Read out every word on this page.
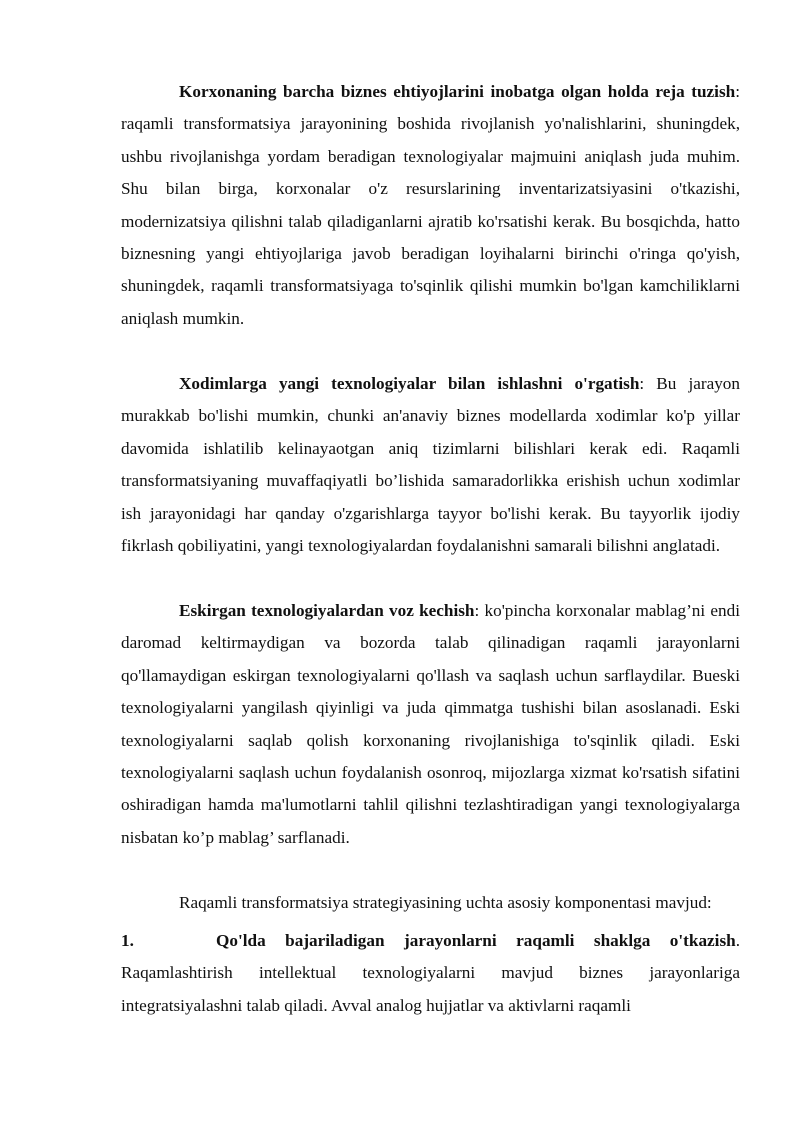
Korxonaning barcha biznes ehtiyojlarini inobatga olgan holda reja tuzish: raqamli transformatsiya jarayonining boshida rivojlanish yo'nalishlarini, shuningdek, ushbu rivojlanishga yordam beradigan texnologiyalar majmuini aniqlash juda muhim. Shu bilan birga, korxonalar o'z resurslarining inventarizatsiyasini o'tkazishi, modernizatsiya qilishni talab qiladiganlarni ajratib ko'rsatishi kerak. Bu bosqichda, hatto biznesning yangi ehtiyojlariga javob beradigan loyihalarni birinchi o'ringa qo'yish, shuningdek, raqamli transformatsiyaga to'sqinlik qilishi mumkin bo'lgan kamchiliklarni aniqlash mumkin.

Xodimlarga yangi texnologiyalar bilan ishlashni o'rgatish: Bu jarayon murakkab bo'lishi mumkin, chunki an'anaviy biznes modellarda xodimlar ko'p yillar davomida ishlatilib kelinayaotgan aniq tizimlarni bilishlari kerak edi. Raqamli transformatsiyaning muvaffaqiyatli bo’lishida samaradorlikka erishish uchun xodimlar ish jarayonidagi har qanday o'zgarishlarga tayyor bo'lishi kerak. Bu tayyorlik ijodiy fikrlash qobiliyatini, yangi texnologiyalardan foydalanishni samarali bilishni anglatadi.

Eskirgan texnologiyalardan voz kechish: ko'pincha korxonalar mablag’ni endi daromad keltirmaydigan va bozorda talab qilinadigan raqamli jarayonlarni qo'llamaydigan eskirgan texnologiyalarni qo'llash va saqlash uchun sarflaydilar. Bueski texnologiyalarni yangilash qiyinligi va juda qimmatga tushishi bilan asoslanadi. Eski texnologiyalarni saqlab qolish korxonaning rivojlanishiga to'sqinlik qiladi. Eski texnologiyalarni saqlash uchun foydalanish osonroq, mijozlarga xizmat ko'rsatish sifatini oshiradigan hamda ma'lumotlarni tahlil qilishni tezlashtiradigan yangi texnologiyalarga nisbatan ko’p mablag’ sarflanadi.

Raqamli transformatsiya strategiyasining uchta asosiy komponentasi mavjud:

1.	Qo'lda bajariladigan jarayonlarni raqamli shaklga o'tkazish. Raqamlashtirish intellektual texnologiyalarni mavjud biznes jarayonlariga integratsiyalashni talab qiladi. Avval analog hujjatlar va aktivlarni raqamli
